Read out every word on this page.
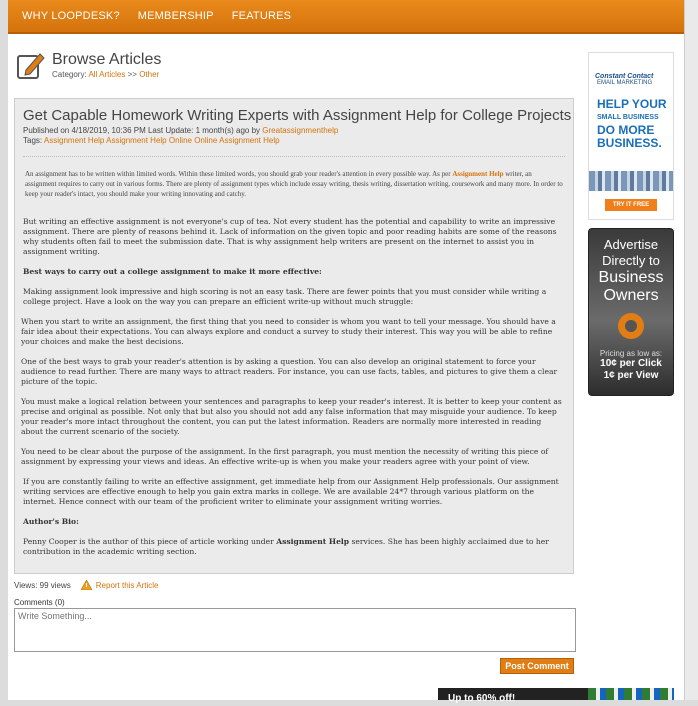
WHY LOOPDESK? MEMBERSHIP FEATURES
Browse Articles
Category: All Articles >> Other
Get Capable Homework Writing Experts with Assignment Help for College Projects
Published on 4/18/2019, 10:36 PM Last Update: 1 month(s) ago by Greatassignmenthelp
Tags: Assignment Help Assignment Help Online Online Assignment Help
An assignment has to be written within limited words. Within these limited words, you should grab your reader's attention in every possible way. As per Assignment Help writer, an assignment requires to carry out in various forms. There are plenty of assignment types which include essay writing, thesis writing, dissertation writing, coursework and many more. In order to keep your reader's intact, you should make your writing innovating and catchy.

But writing an effective assignment is not everyone's cup of tea. Not every student has the potential and capability to write an impressive assignment. There are plenty of reasons behind it. Lack of information on the given topic and poor reading habits are some of the reasons why students often fail to meet the submission date. That is why assignment help writers are present on the internet to assist you in assignment writing.

Best ways to carry out a college assignment to make it more effective:

Making assignment look impressive and high scoring is not an easy task. There are fewer points that you must consider while writing a college project. Have a look on the way you can prepare an efficient write-up without much struggle:

When you start to write an assignment, the first thing that you need to consider is whom you want to tell your message. You should have a fair idea about their expectations. You can always explore and conduct a survey to study their interest. This way you will be able to refine your choices and make the best decisions.

One of the best ways to grab your reader's attention is by asking a question. You can also develop an original statement to force your audience to read further. There are many ways to attract readers. For instance, you can use facts, tables, and pictures to give them a clear picture of the topic.

You must make a logical relation between your sentences and paragraphs to keep your reader's interest. It is better to keep your content as precise and original as possible. Not only that but also you should not add any false information that may misguide your audience. To keep your reader's more intact throughout the content, you can put the latest information. Readers are normally more interested in reading about the current scenario of the society.

You need to be clear about the purpose of the assignment. In the first paragraph, you must mention the necessity of writing this piece of assignment by expressing your views and ideas. An effective write-up is when you make your readers agree with your point of view.

If you are constantly failing to write an effective assignment, get immediate help from our Assignment Help professionals. Our assignment writing services are effective enough to help you gain extra marks in college. We are available 24*7 through various platform on the internet. Hence connect with our team of the proficient writer to eliminate your assignment writing worries.

Author's Bio:

Penny Cooper is the author of this piece of article working under Assignment Help services. She has been highly acclaimed due to her contribution in the academic writing section.

Views: 99 views	Report this Article
Comments (0)
Write Something...
Post Comment
Constant Contact
EMAIL MARKETING
HELP YOUR
SMALL BUSINESS
DO MORE
BUSINESS.
TRY IT FREE
Advertise
Directly to
Business
Owners
Pricing as low as:
10¢ per Click
1¢ per View
Up to 60% off!
